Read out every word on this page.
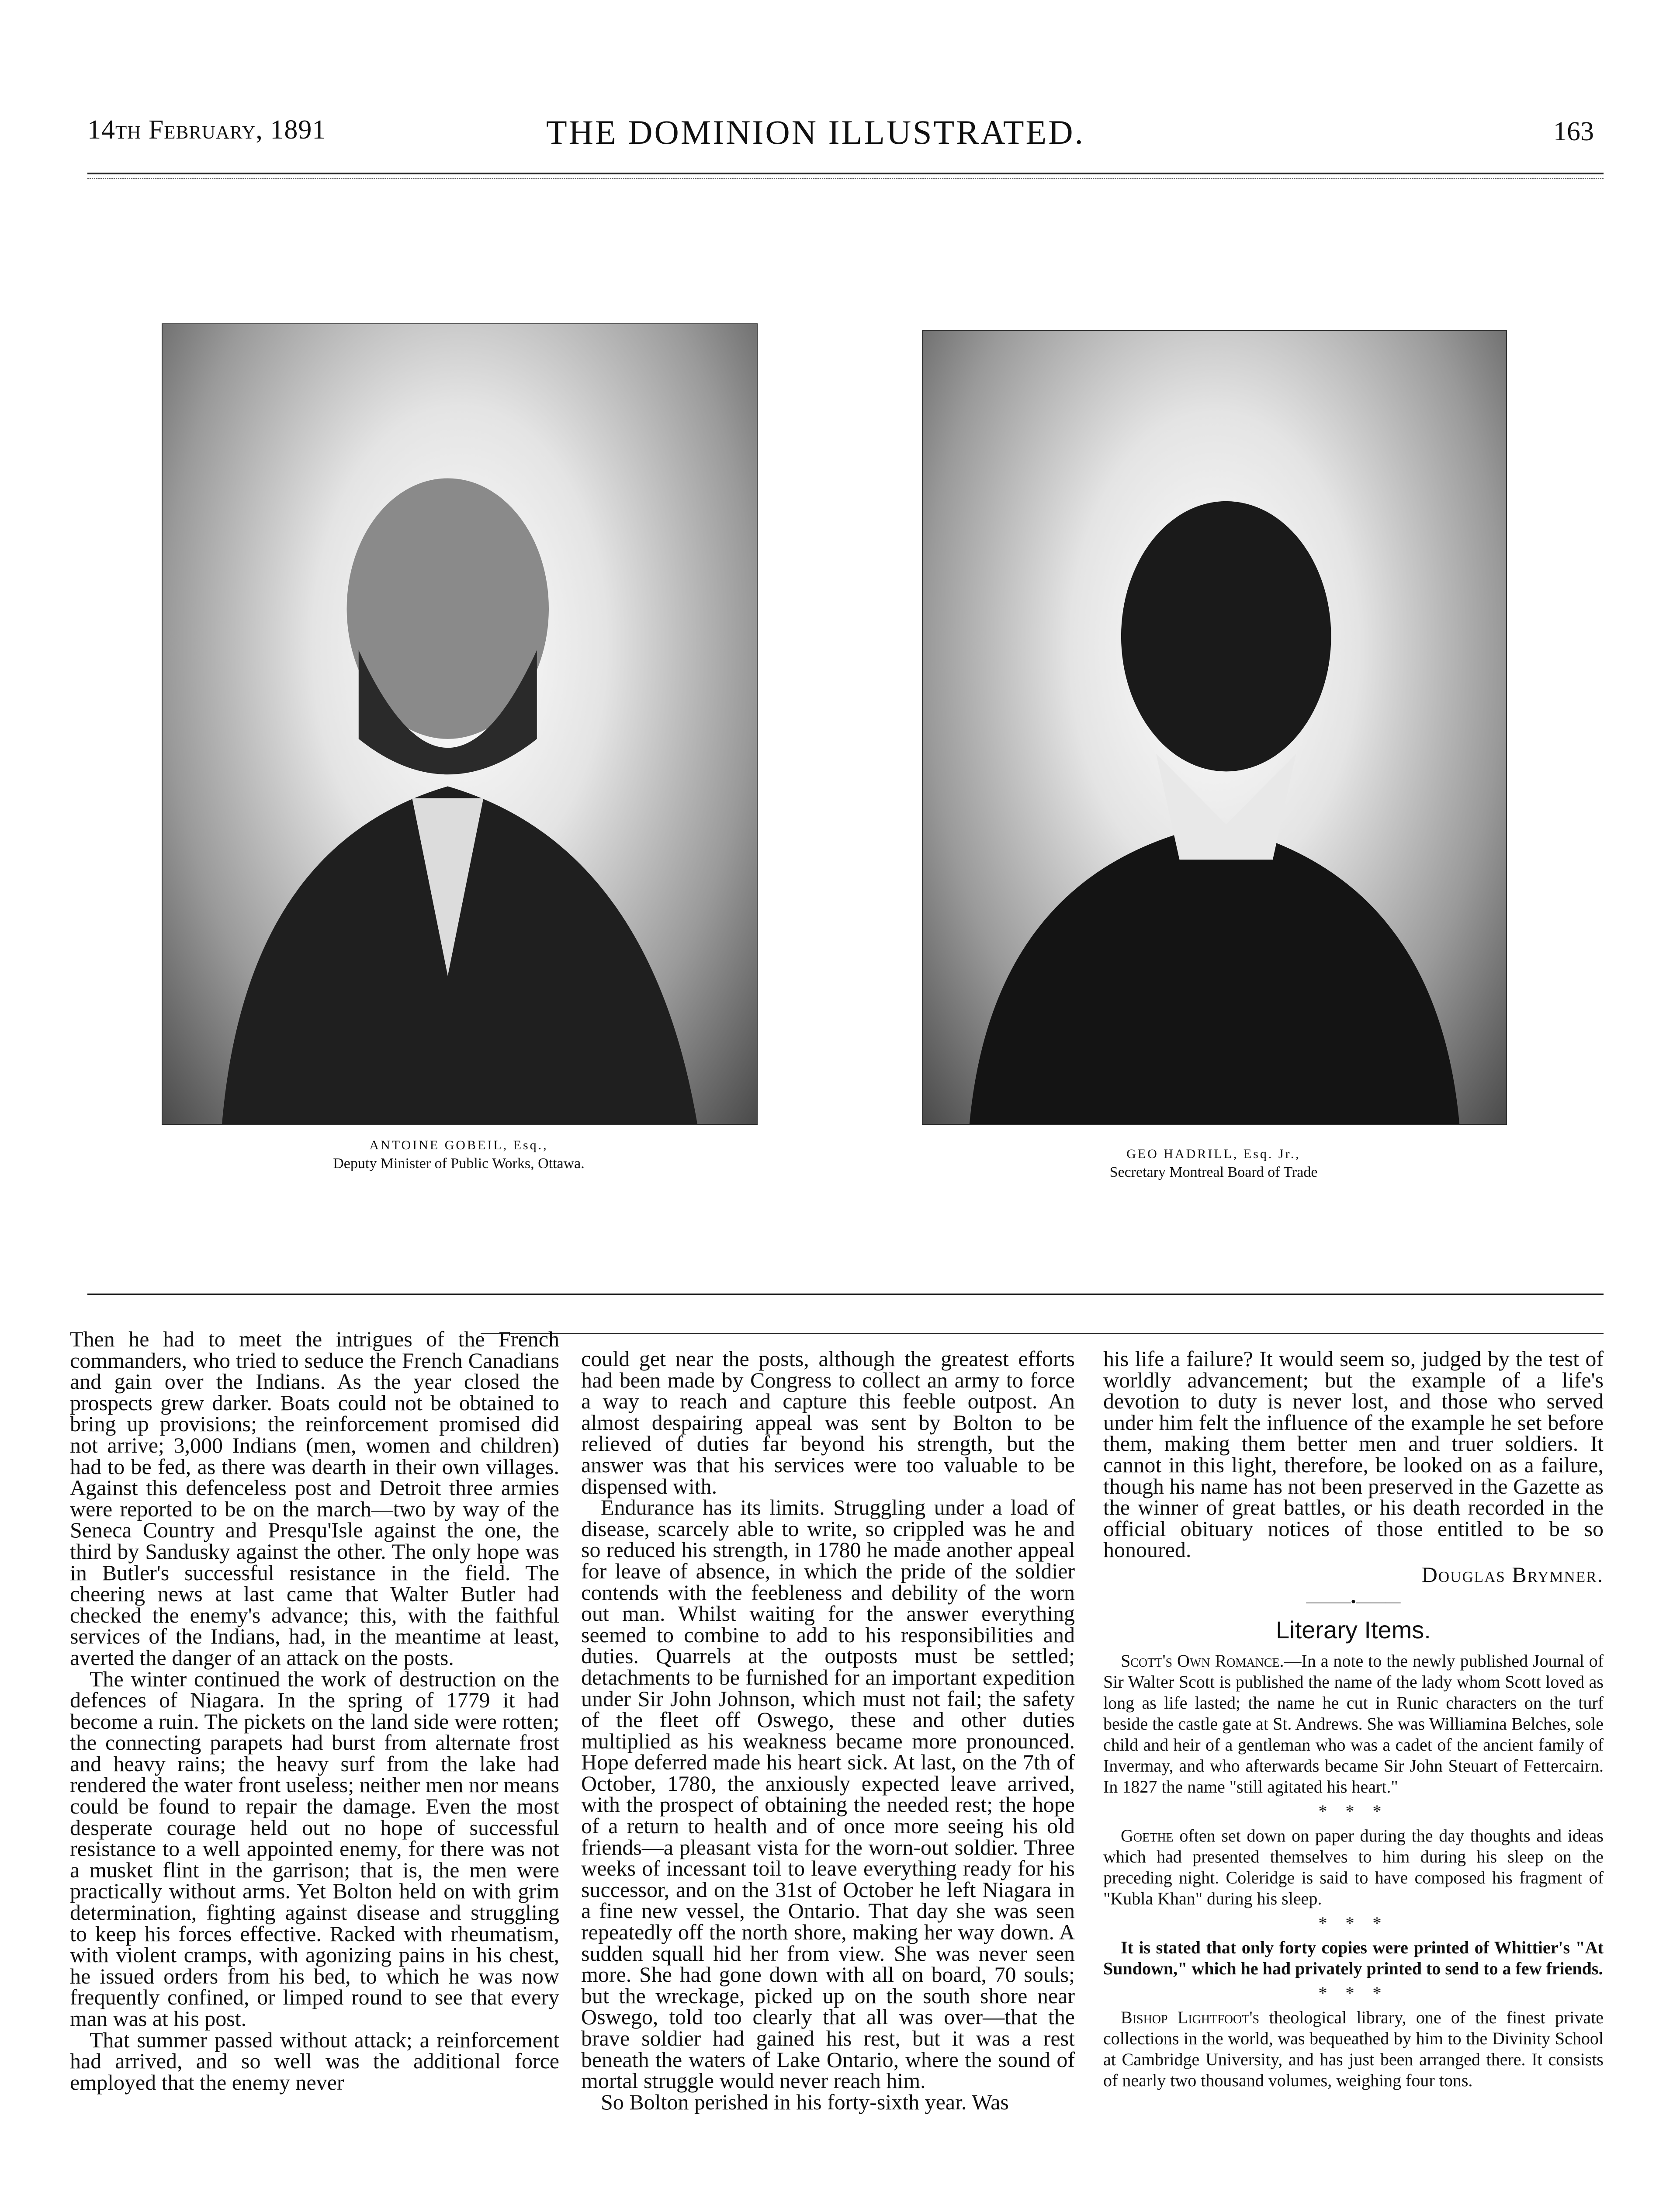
14th February, 1891	THE DOMINION ILLUSTRATED.	163
ANTOINE GOBEIL, Esq.,
Deputy Minister of Public Works, Ottawa.
GEO HADRILL, Esq. Jr.,
Secretary Montreal Board of Trade

Then he had to meet the intrigues of the French commanders, who tried to seduce the French Canadians and gain over the Indians. As the year closed the prospects grew darker. Boats could not be obtained to bring up provisions; the reinforcement promised did not arrive; 3,000 Indians (men, women and children) had to be fed, as there was dearth in their own villages. Against this defenceless post and Detroit three armies were reported to be on the march—two by way of the Seneca Country and Presqu'Isle against the one, the third by Sandusky against the other. The only hope was in Butler's successful resistance in the field. The cheering news at last came that Walter Butler had checked the enemy's advance; this, with the faithful services of the Indians, had, in the meantime at least, averted the danger of an attack on the posts.

The winter continued the work of destruction on the defences of Niagara. In the spring of 1779 it had become a ruin. The pickets on the land side were rotten; the connecting parapets had burst from alternate frost and heavy rains; the heavy surf from the lake had rendered the water front useless; neither men nor means could be found to repair the damage. Even the most desperate courage held out no hope of successful resistance to a well appointed enemy, for there was not a musket flint in the garrison; that is, the men were practically without arms. Yet Bolton held on with grim determination, fighting against disease and struggling to keep his forces effective. Racked with rheumatism, with violent cramps, with agonizing pains in his chest, he issued orders from his bed, to which he was now frequently confined, or limped round to see that every man was at his post.

That summer passed without attack; a reinforcement had arrived, and so well was the additional force employed that the enemy never

could get near the posts, although the greatest efforts had been made by Congress to collect an army to force a way to reach and capture this feeble outpost. An almost despairing appeal was sent by Bolton to be relieved of duties far beyond his strength, but the answer was that his services were too valuable to be dispensed with.

Endurance has its limits. Struggling under a load of disease, scarcely able to write, so crippled was he and so reduced his strength, in 1780 he made another appeal for leave of absence, in which the pride of the soldier contends with the feebleness and debility of the worn out man. Whilst waiting for the answer everything seemed to combine to add to his responsibilities and duties. Quarrels at the outposts must be settled; detachments to be furnished for an important expedition under Sir John Johnson, which must not fail; the safety of the fleet off Oswego, these and other duties multiplied as his weakness became more pronounced. Hope deferred made his heart sick. At last, on the 7th of October, 1780, the anxiously expected leave arrived, with the prospect of obtaining the needed rest; the hope of a return to health and of once more seeing his old friends—a pleasant vista for the worn-out soldier. Three weeks of incessant toil to leave everything ready for his successor, and on the 31st of October he left Niagara in a fine new vessel, the Ontario. That day she was seen repeatedly off the north shore, making her way down. A sudden squall hid her from view. She was never seen more. She had gone down with all on board, 70 souls; but the wreckage, picked up on the south shore near Oswego, told too clearly that all was over—that the brave soldier had gained his rest, but it was a rest beneath the waters of Lake Ontario, where the sound of mortal struggle would never reach him.

So Bolton perished in his forty-sixth year. Was

his life a failure? It would seem so, judged by the test of worldly advancement; but the example of a life's devotion to duty is never lost, and those who served under him felt the influence of the example he set before them, making them better men and truer soldiers. It cannot in this light, therefore, be looked on as a failure, though his name has not been preserved in the Gazette as the winner of great battles, or his death recorded in the official obituary notices of those entitled to be so honoured.

Douglas Brymner.
———•———
Literary Items.

Scott's Own Romance.—In a note to the newly published Journal of Sir Walter Scott is published the name of the lady whom Scott loved as long as life lasted; the name he cut in Runic characters on the turf beside the castle gate at St. Andrews. She was Williamina Belches, sole child and heir of a gentleman who was a cadet of the ancient family of Invermay, and who afterwards became Sir John Steuart of Fettercairn. In 1827 the name "still agitated his heart."

* * *

Goethe often set down on paper during the day thoughts and ideas which had presented themselves to him during his sleep on the preceding night. Coleridge is said to have composed his fragment of "Kubla Khan" during his sleep.

* * *

It is stated that only forty copies were printed of Whittier's "At Sundown," which he had privately printed to send to a few friends.

* * *

Bishop Lightfoot's theological library, one of the finest private collections in the world, was bequeathed by him to the Divinity School at Cambridge University, and has just been arranged there. It consists of nearly two thousand volumes, weighing four tons.
